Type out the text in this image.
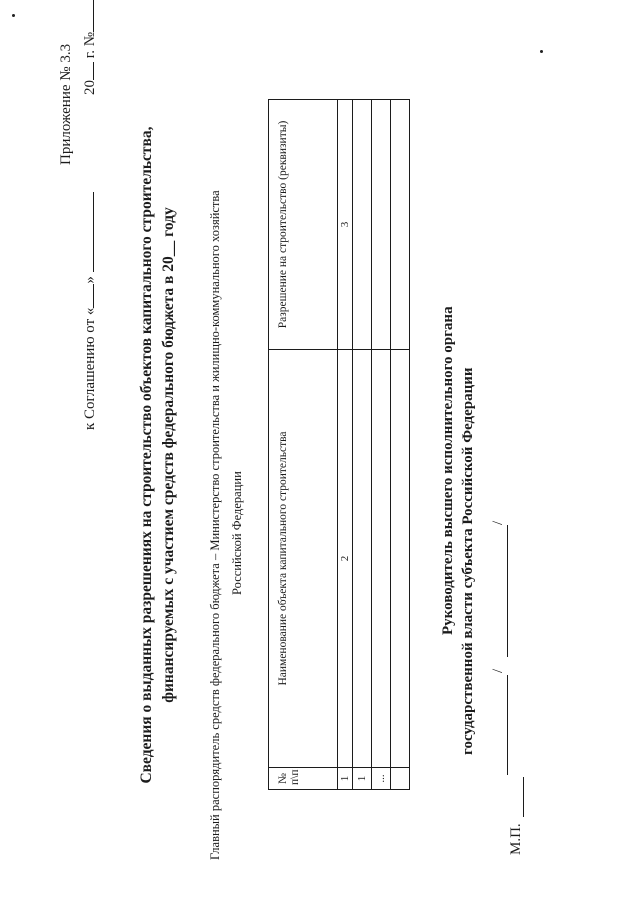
Приложение № 3.3
к Соглашению от «»
20 г. №
Сведения о выданных разрешениях на строительство объектов капитального строительства, финансируемых с участием средств федерального бюджета в 20__ году Главный распорядитель средств федерального бюджета – Министерство строительства и жилищно-коммунального хозяйства Российской Федерации
№ п\п	Наименование объекта капитального строительства	Разрешение на строительство (реквизиты)
1	2	3
1		
...		

Руководитель высшего исполнительного органа государственной власти субъекта Российской Федерации /
/
М.П.
